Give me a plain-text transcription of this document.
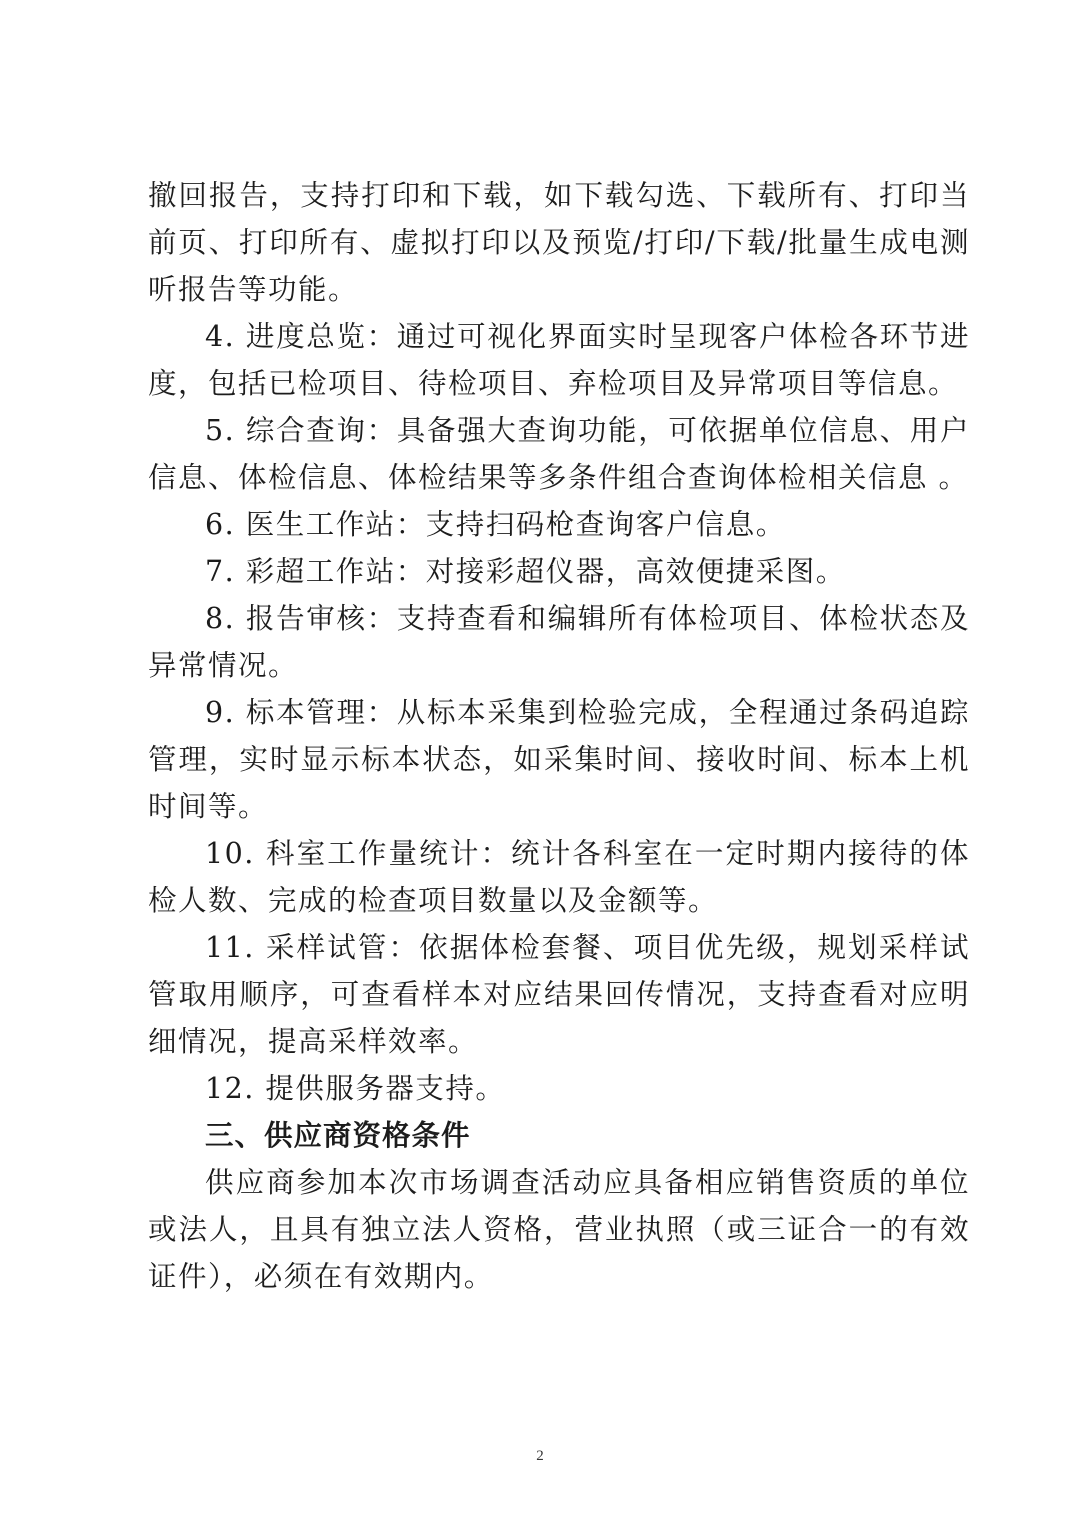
撤回报告，支持打印和下载，如下载勾选、下载所有、打印当前页、打印所有、虚拟打印以及预览/打印/下载/批量生成电测听报告等功能。

4. 进度总览：通过可视化界面实时呈现客户体检各环节进度，包括已检项目、待检项目、弃检项目及异常项目等信息。

5. 综合查询：具备强大查询功能，可依据单位信息、用户信息、体检信息、体检结果等多条件组合查询体检相关信息 。

6. 医生工作站：支持扫码枪查询客户信息。

7. 彩超工作站：对接彩超仪器，高效便捷采图。

8. 报告审核：支持查看和编辑所有体检项目、体检状态及异常情况。

9. 标本管理：从标本采集到检验完成，全程通过条码追踪管理，实时显示标本状态，如采集时间、接收时间、标本上机时间等。

10. 科室工作量统计：统计各科室在一定时期内接待的体检人数、完成的检查项目数量以及金额等。

11. 采样试管：依据体检套餐、项目优先级，规划采样试管取用顺序，可查看样本对应结果回传情况，支持查看对应明细情况，提高采样效率。

12. 提供服务器支持。

三、供应商资格条件

供应商参加本次市场调查活动应具备相应销售资质的单位或法人，且具有独立法人资格，营业执照（或三证合一的有效证件），必须在有效期内。

2
